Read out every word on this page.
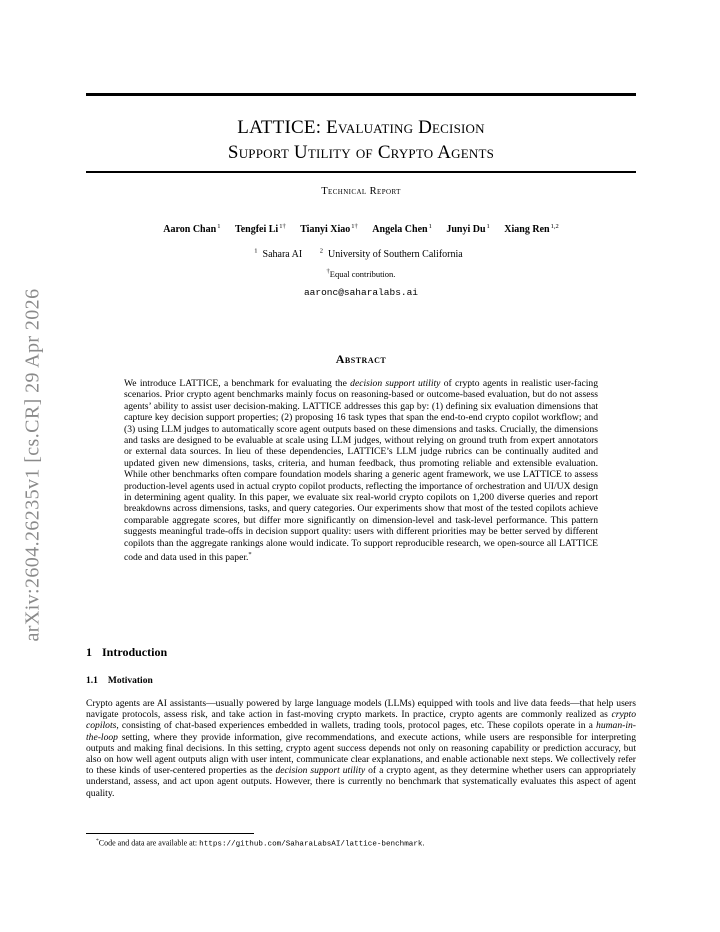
LATTICE: Evaluating Decision
Support Utility of Crypto Agents
Technical Report
Aaron Chan$^1$ Tengfei $Li^{1\dagger}$ Tianyi Xiao$^{1\dagger}$ Angela Chen$^1$ Junyi Du$^1$ Xiang Ren$^{1,2}$
$^1$ Sahara AI	$^2$ University of Southern California
†Equal contribution.
aaronc@saharalabs.ai
arXiv:2604.26235v1 [cs.CR] 29 Apr 2026	Abstract
We introduce LATTICE, a benchmark for evaluating the decision support utility of crypto agents in realistic user-facing scenarios. Prior crypto agent benchmarks mainly focus on reasoning-based or outcome-based evaluation, but do not assess agents’ ability to assist user decision-making. LATTICE addresses this gap by: (1) defining six evaluation dimensions that capture key decision support properties; (2) proposing 16 task types that span the end-to-end crypto copilot workflow; and (3) using LLM judges to automatically score agent outputs based on these dimensions and tasks. Crucially, the dimensions and tasks are designed to be evaluable at scale using LLM judges, without relying on ground truth from expert annotators or external data sources. In lieu of these dependencies, LATTICE’s LLM judge rubrics can be continually audited and updated given new dimensions, tasks, criteria, and human feedback, thus promoting reliable and extensible evaluation. While other benchmarks often compare foundation models sharing a generic agent framework, we use LATTICE to assess production-level agents used in actual crypto copilot products, reflecting the importance of orchestration and UI/UX design in determining agent quality. In this paper, we evaluate six real-world crypto copilots on 1,200 diverse queries and report breakdowns across dimensions, tasks, and query categories. Our experiments show that most of the tested copilots achieve comparable aggregate scores, but differ more significantly on dimension-level and task-level performance. This pattern suggests meaningful trade-offs in decision support quality: users with different priorities may be better served by different copilots than the aggregate rankings alone would indicate. To support reproducible research, we open-source all LATTICE code and data used in this paper.*
1 Introduction
1.1 Motivation
Crypto agents are AI assistants—usually powered by large language models (LLMs) equipped with tools and live data feeds—that help users navigate protocols, assess risk, and take action in fast-moving crypto markets. In practice, crypto agents are commonly realized as crypto copilots, consisting of chat-based experiences embedded in wallets, trading tools, protocol pages, etc. These copilots operate in a human-in-the-loop setting, where they provide information, give recommendations, and execute actions, while users are responsible for interpreting outputs and making final decisions. In this setting, crypto agent success depends not only on reasoning capability or prediction accuracy, but also on how well agent outputs align with user intent, communicate clear explanations, and enable actionable next steps. We collectively refer to these kinds of user-centered properties as the decision support utility of a crypto agent, as they determine whether users can appropriately understand, assess, and act upon agent outputs. However, there is currently no benchmark that systematically evaluates this aspect of agent quality.
*Code and data are available at: https://github.com/SaharaLabsAI/lattice-benchmark.
